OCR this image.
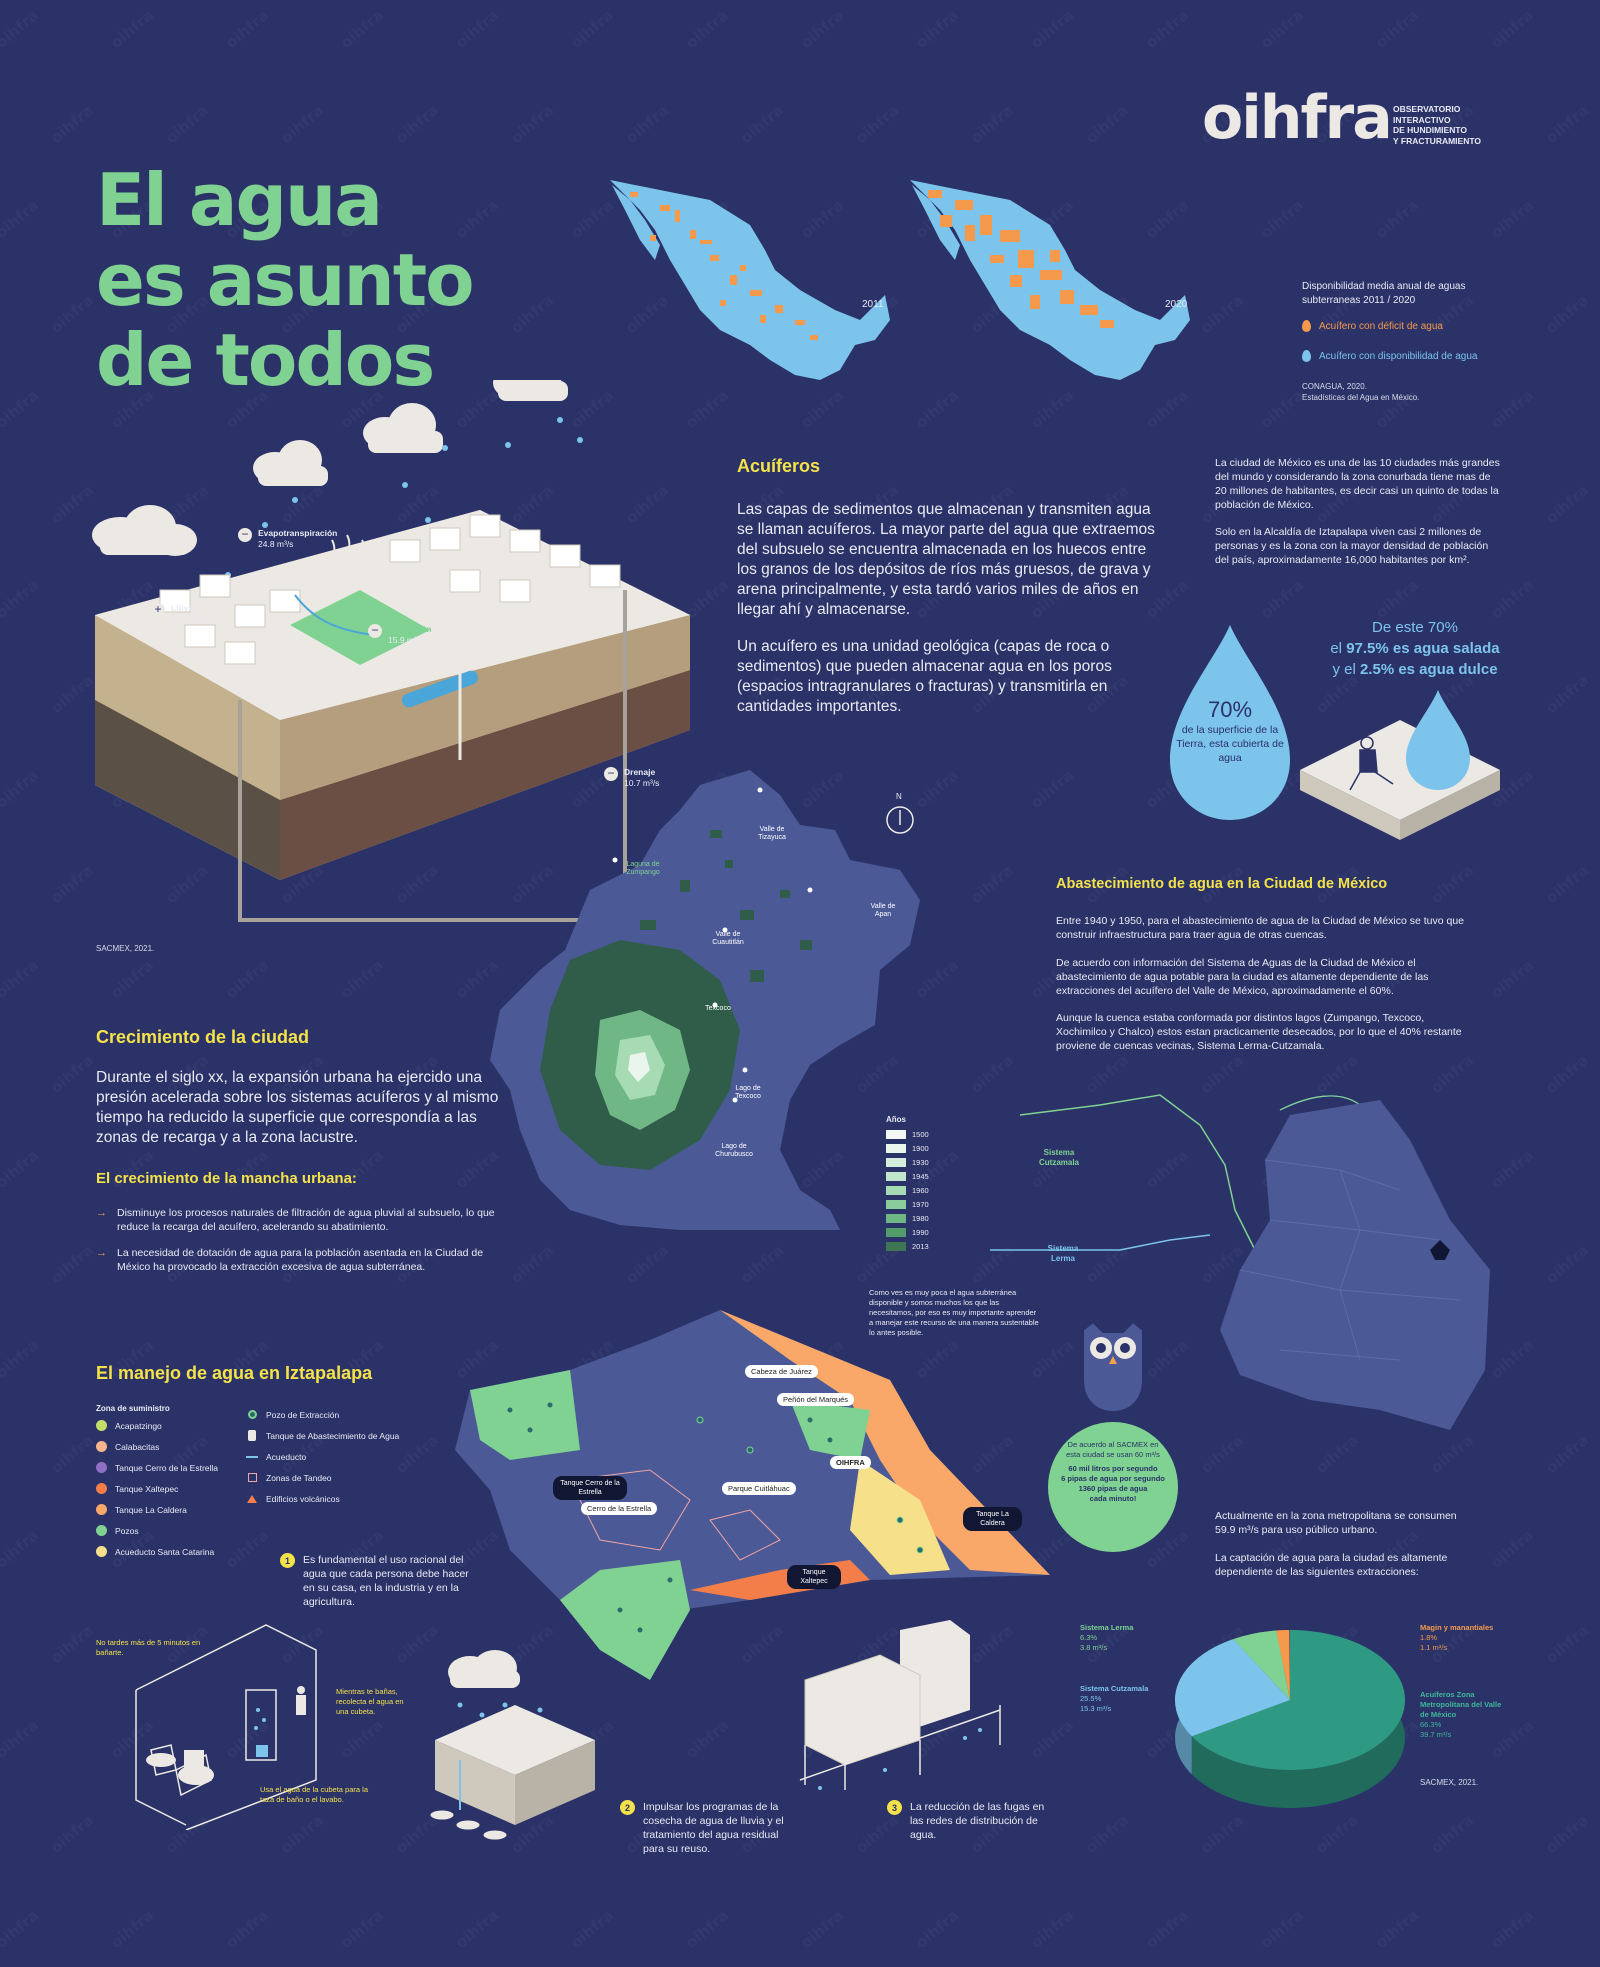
oihfra OBSERVATORIO
INTERACTIVO
DE HUNDIMIENTO
Y FRACTURAMIENTO
El agua
es asunto
de todos
2011	2020
Disponibilidad media anual de aguas subterraneas 2011 / 2020
Acuífero con déficit de agua
Acuífero con disponibilidad de agua
CONAGUA, 2020.
Estadísticas del Agua en México.
−	Evapotranspiración
24.8 m³/s
+	Lluvia
45.3 m³/s
−	Extracción
15.9 m³/s
−	Drenaje
10.7 m³/s
SACMEX, 2021.
Acuíferos
Las capas de sedimentos que almacenan y transmiten agua se llaman acuíferos. La mayor parte del agua que extraemos del subsuelo se encuentra almacenada en los huecos entre los granos de los depósitos de ríos más gruesos, de grava y arena principalmente, y esta tardó varios miles de años en llegar ahí y almacenarse.
Un acuífero es una unidad geológica (capas de roca o sedimentos) que pueden almacenar agua en los poros (espacios intragranulares o fracturas) y transmitirla en cantidades importantes.
La ciudad de México es una de las 10 ciudades más grandes del mundo y considerando la zona conurbada tiene mas de 20 millones de habitantes, es decir casi un quinto de todas la población de México.
Solo en la Alcaldía de Iztapalapa viven casi 2 millones de personas y es la zona con la mayor densidad de población del país, aproximadamente 16,000 habitantes por km².
De este 70%
el 97.5% es agua salada
y el 2.5% es agua dulce
70%
de la superficie de la Tierra, esta cubierta de agua
N
Valle de Tizayuca
Laguna de Zumpango
Valle de Cuautitlán
Valle de Apan
Texcoco
Lago de Texcoco
Lago de Churubusco
Años
1500
1900
1930
1945
1960
1970
1980
1990
2013
Abastecimiento de agua en la Ciudad de México
Entre 1940 y 1950, para el abastecimiento de agua de la Ciudad de México se tuvo que construir infraestructura para traer agua de otras cuencas.
De acuerdo con información del Sistema de Aguas de la Ciudad de México el abastecimiento de agua potable para la ciudad es altamente dependiente de las extracciones del acuífero del Valle de México, aproximadamente el 60%.
Aunque la cuenca estaba conformada por distintos lagos (Zumpango, Texcoco, Xochimilco y Chalco) estos estan practicamente desecados, por lo que el 40% restante proviene de cuencas vecinas, Sistema Lerma-Cutzamala.
Sistema Cutzamala
Sistema Lerma
Crecimiento de la ciudad
Durante el siglo xx, la expansión urbana ha ejercido una presión acelerada sobre los sistemas acuíferos y al mismo tiempo ha reducido la superficie que correspondía a las zonas de recarga y a la zona lacustre.
El crecimiento de la mancha urbana:
→ Disminuye los procesos naturales de filtración de agua pluvial al subsuelo, lo que reduce la recarga del acuífero, acelerando su abatimiento.
→ La necesidad de dotación de agua para la población asentada en la Ciudad de México ha provocado la extracción excesiva de agua subterránea.
El manejo de agua en Iztapalapa
Zona de suministro
Acapatzingo
Calabacitas
Tanque Cerro de la Estrella
Tanque Xaltepec
Tanque La Caldera
Pozos
Acueducto Santa Catarina
Pozo de Extracción
Tanque de Abastecimiento de Agua
Acueducto
Zonas de Tandeo
Edificios volcánicos
Cabeza de Juárez
Peñón del Marqués
OIHFRA
Tanque Cerro de la Estrella
Cerro de la Estrella
Parque Cuitláhuac
Tanque La Caldera
Tanque Xaltepec
Como ves es muy poca el agua subterránea disponible y somos muchos los que las necesitamos, por eso es muy importante aprender a manejar este recurso de una manera sustentable lo antes posible.
De acuerdo al SACMEX en esta ciudad se usan 60 m³/s
60 mil litros por segundo
6 pipas de agua por segundo
1360 pipas de agua cada minuto!
Actualmente en la zona metropolitana se consumen 59.9 m³/s para uso público urbano.
La captación de agua para la ciudad es altamente dependiente de las siguientes extracciones:
Sistema Lerma
6.3%
3.8 m³/s
Sistema Cutzamala
25.5%
15.3 m³/s
Magin y manantiales
1.8%
1.1 m³/s
Acuíferos Zona Metropolitana del Valle de México
66.3%
39.7 m³/s
SACMEX, 2021.
1	Es fundamental el uso racional del agua que cada persona debe hacer en su casa, en la industria y en la agricultura.
2	Impulsar los programas de la cosecha de agua de lluvia y el tratamiento del agua residual para su reuso.
3	La reducción de las fugas en las redes de distribución de agua.
No tardes más de 5 minutos en bañarte.
Mientras te bañas, recolecta el agua en una cubeta.
Usa el agua de la cubeta para la taza de baño o el lavabo.
